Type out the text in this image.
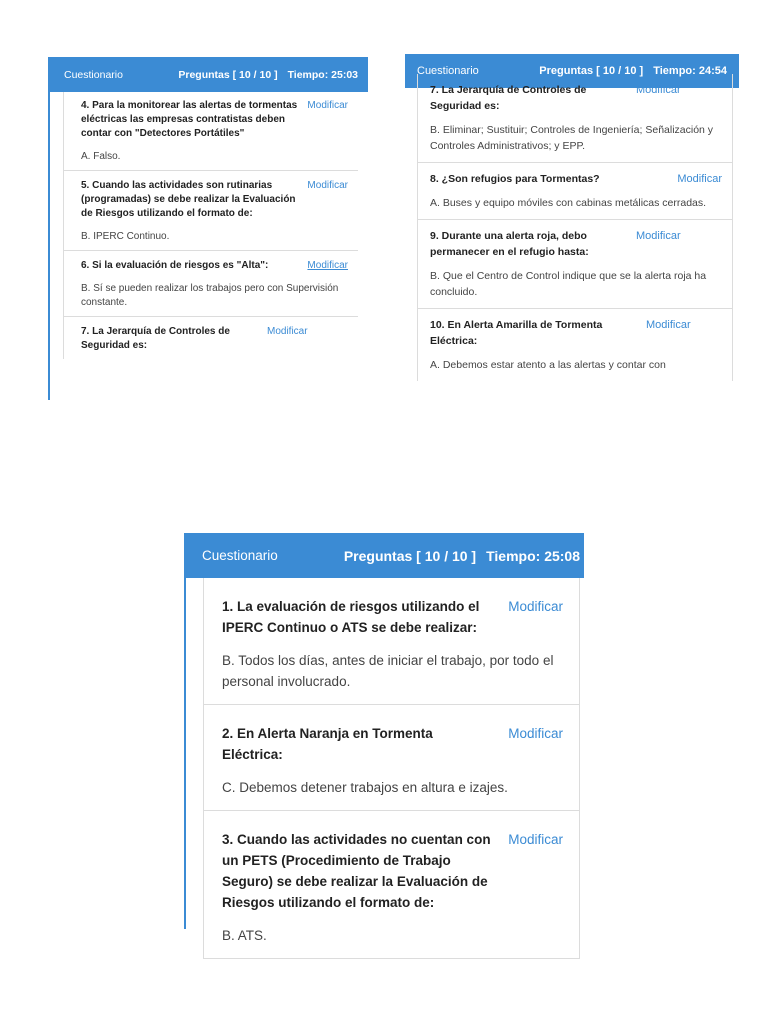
Cuestionario	Preguntas [ 10 / 10 ] Tiempo: 25:03
4. Para la monitorear las alertas de tormentas eléctricas las empresas contratistas deben contar con "Detectores Portátiles"
Modificar
A. Falso.
5. Cuando las actividades son rutinarias (programadas) se debe realizar la Evaluación de Riesgos utilizando el formato de:
Modificar
B. IPERC Continuo.
6. Si la evaluación de riesgos es "Alta":	Modificar
B. Sí se pueden realizar los trabajos pero con Supervisión constante.
7. La Jerarquía de Controles de Seguridad es:
Modificar
Cuestionario	Preguntas [ 10 / 10 ] Tiempo: 24:54
7. La Jerarquía de Controles de Seguridad es:
Modificar
B. Eliminar; Sustituir; Controles de Ingeniería; Señalización y Controles Administrativos; y EPP.
8. ¿Son refugios para Tormentas?	Modificar
A. Buses y equipo móviles con cabinas metálicas cerradas.
9. Durante una alerta roja, debo permanecer en el refugio hasta:
Modificar
B. Que el Centro de Control indique que se la alerta roja ha concluido.
10. En Alerta Amarilla de Tormenta Eléctrica:
Modificar
A. Debemos estar atento a las alertas y contar con
Cuestionario	Preguntas [ 10 / 10 ] Tiempo: 25:08
1. La evaluación de riesgos utilizando el IPERC Continuo o ATS se debe realizar:
Modificar
B. Todos los días, antes de iniciar el trabajo, por todo el personal involucrado.
2. En Alerta Naranja en Tormenta Eléctrica:
Modificar
C. Debemos detener trabajos en altura e izajes.
3. Cuando las actividades no cuentan con un PETS (Procedimiento de Trabajo Seguro) se debe realizar la Evaluación de Riesgos utilizando el formato de:
Modificar
B. ATS.
